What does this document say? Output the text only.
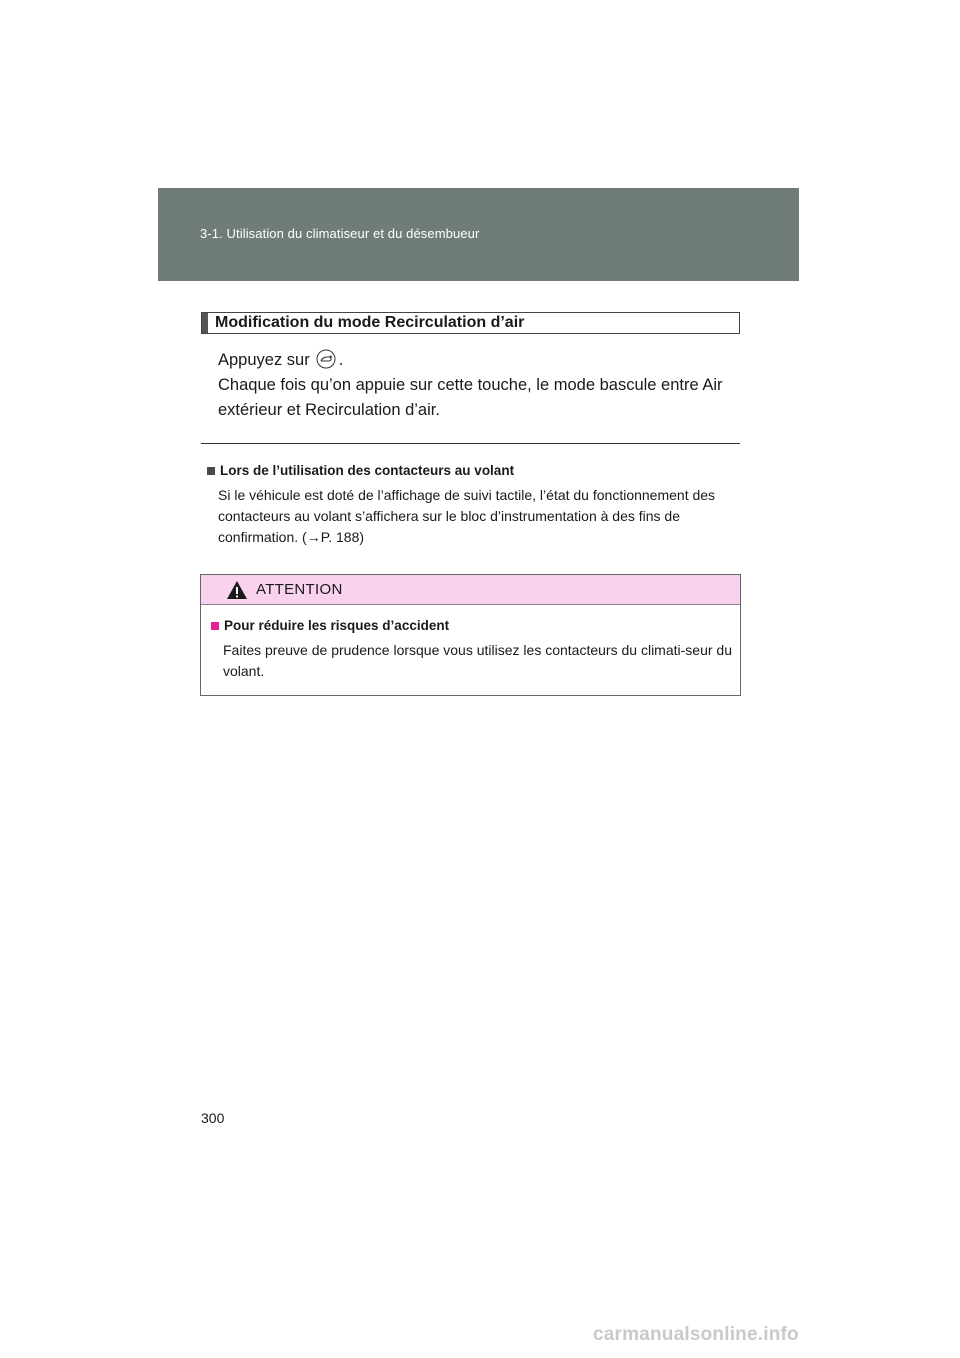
3-1. Utilisation du climatiseur et du désembueur
Modification du mode Recirculation d’air
Appuyez sur .
Chaque fois qu’on appuie sur cette touche, le mode bascule entre Air extérieur et Recirculation d’air.
Lors de l’utilisation des contacteurs au volant
Si le véhicule est doté de l’affichage de suivi tactile, l’état du fonctionnement des contacteurs au volant s’affichera sur le bloc d’instrumentation à des fins de confirmation. (→P. 188)
ATTENTION
Pour réduire les risques d’accident
Faites preuve de prudence lorsque vous utilisez les contacteurs du climati-seur du volant.
300
carmanualsonline.info
